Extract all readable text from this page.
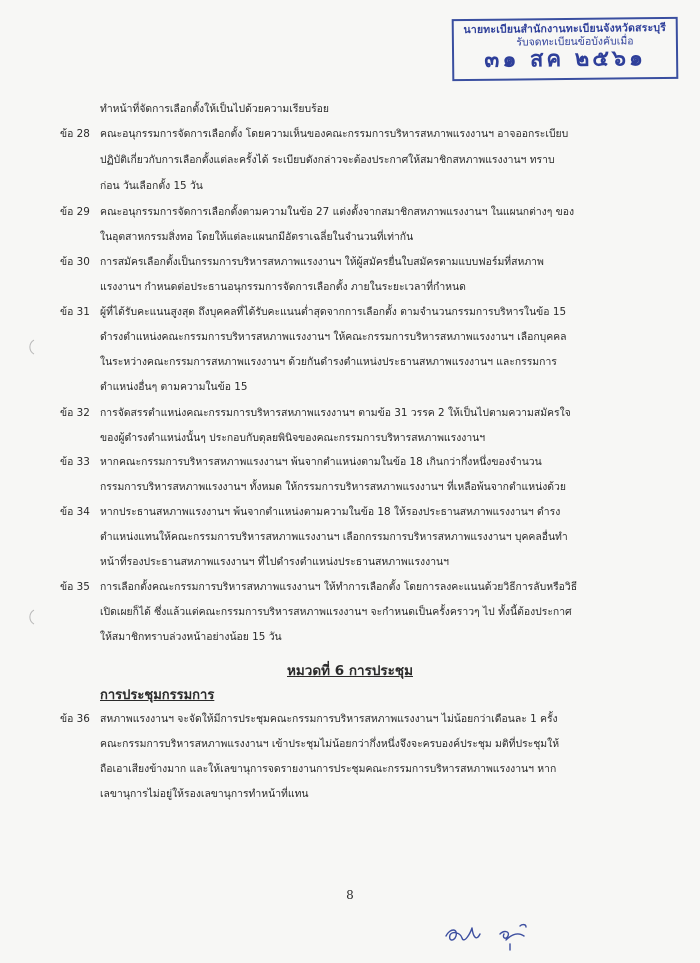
นายทะเบียนสำนักงานทะเบียนจังหวัดสระบุรี
รับจดทะเบียนข้อบังคับเมื่อ
๓๑ สค ๒๕๖๑
ทำหน้าที่จัดการเลือกตั้งให้เป็นไปด้วยความเรียบร้อย
ข้อ 28 คณะอนุกรรมการจัดการเลือกตั้ง โดยความเห็นของคณะกรรมการบริหารสหภาพแรงงานฯ อาจออกระเบียบ
ปฏิบัติเกี่ยวกับการเลือกตั้งแต่ละครั้งได้ ระเบียบดังกล่าวจะต้องประกาศให้สมาชิกสหภาพแรงงานฯ ทราบ
ก่อน วันเลือกตั้ง 15 วัน
ข้อ 29 คณะอนุกรรมการจัดการเลือกตั้งตามความในข้อ 27 แต่งตั้งจากสมาชิกสหภาพแรงงานฯ ในแผนกต่างๆ ของ
ในอุตสาหกรรมสิ่งทอ โดยให้แต่ละแผนกมีอัตราเฉลี่ยในจำนวนที่เท่ากัน
ข้อ 30 การสมัครเลือกตั้งเป็นกรรมการบริหารสหภาพแรงงานฯ ให้ผู้สมัครยื่นใบสมัครตามแบบฟอร์มที่สหภาพ
แรงงานฯ กำหนดต่อประธานอนุกรรมการจัดการเลือกตั้ง ภายในระยะเวลาที่กำหนด
ข้อ 31 ผู้ที่ได้รับคะแนนสูงสุด ถึงบุคคลที่ได้รับคะแนนต่ำสุดจากการเลือกตั้ง ตามจำนวนกรรมการบริหารในข้อ 15
ดำรงตำแหน่งคณะกรรมการบริหารสหภาพแรงงานฯ ให้คณะกรรมการบริหารสหภาพแรงงานฯ เลือกบุคคล
ในระหว่างคณะกรรมการสหภาพแรงงานฯ ด้วยกันดำรงตำแหน่งประธานสหภาพแรงงานฯ และกรรมการ
ตำแหน่งอื่นๆ ตามความในข้อ 15
ข้อ 32 การจัดสรรตำแหน่งคณะกรรมการบริหารสหภาพแรงงานฯ ตามข้อ 31 วรรค 2 ให้เป็นไปตามความสมัครใจ
ของผู้ดำรงตำแหน่งนั้นๆ ประกอบกับดุลยพินิจของคณะกรรมการบริหารสหภาพแรงงานฯ
ข้อ 33 หากคณะกรรมการบริหารสหภาพแรงงานฯ พ้นจากตำแหน่งตามในข้อ 18 เกินกว่ากึ่งหนึ่งของจำนวน
กรรมการบริหารสหภาพแรงงานฯ ทั้งหมด ให้กรรมการบริหารสหภาพแรงงานฯ ที่เหลือพ้นจากตำแหน่งด้วย
ข้อ 34 หากประธานสหภาพแรงงานฯ พ้นจากตำแหน่งตามความในข้อ 18 ให้รองประธานสหภาพแรงงานฯ ดำรง
ตำแหน่งแทนให้คณะกรรมการบริหารสหภาพแรงงานฯ เลือกกรรมการบริหารสหภาพแรงงานฯ บุคคลอื่นทำ
หน้าที่รองประธานสหภาพแรงงานฯ ที่ไปดำรงตำแหน่งประธานสหภาพแรงงานฯ
ข้อ 35 การเลือกตั้งคณะกรรมการบริหารสหภาพแรงงานฯ ให้ทำการเลือกตั้ง โดยการลงคะแนนด้วยวิธีการลับหรือวิธี
เปิดเผยก็ได้ ซึ่งแล้วแต่คณะกรรมการบริหารสหภาพแรงงานฯ จะกำหนดเป็นครั้งคราวๆ ไป ทั้งนี้ต้องประกาศ
ให้สมาชิกทราบล่วงหน้าอย่างน้อย 15 วัน
หมวดที่ 6 การประชุม
การประชุมกรรมการ
ข้อ 36 สหภาพแรงงานฯ จะจัดให้มีการประชุมคณะกรรมการบริหารสหภาพแรงงานฯ ไม่น้อยกว่าเดือนละ 1 ครั้ง
คณะกรรมการบริหารสหภาพแรงงานฯ เข้าประชุมไม่น้อยกว่ากึ่งหนึ่งจึงจะครบองค์ประชุม มติที่ประชุมให้
ถือเอาเสียงข้างมาก และให้เลขานุการจดรายงานการประชุมคณะกรรมการบริหารสหภาพแรงงานฯ หาก
เลขานุการไม่อยู่ให้รองเลขานุการทำหน้าที่แทน
8
